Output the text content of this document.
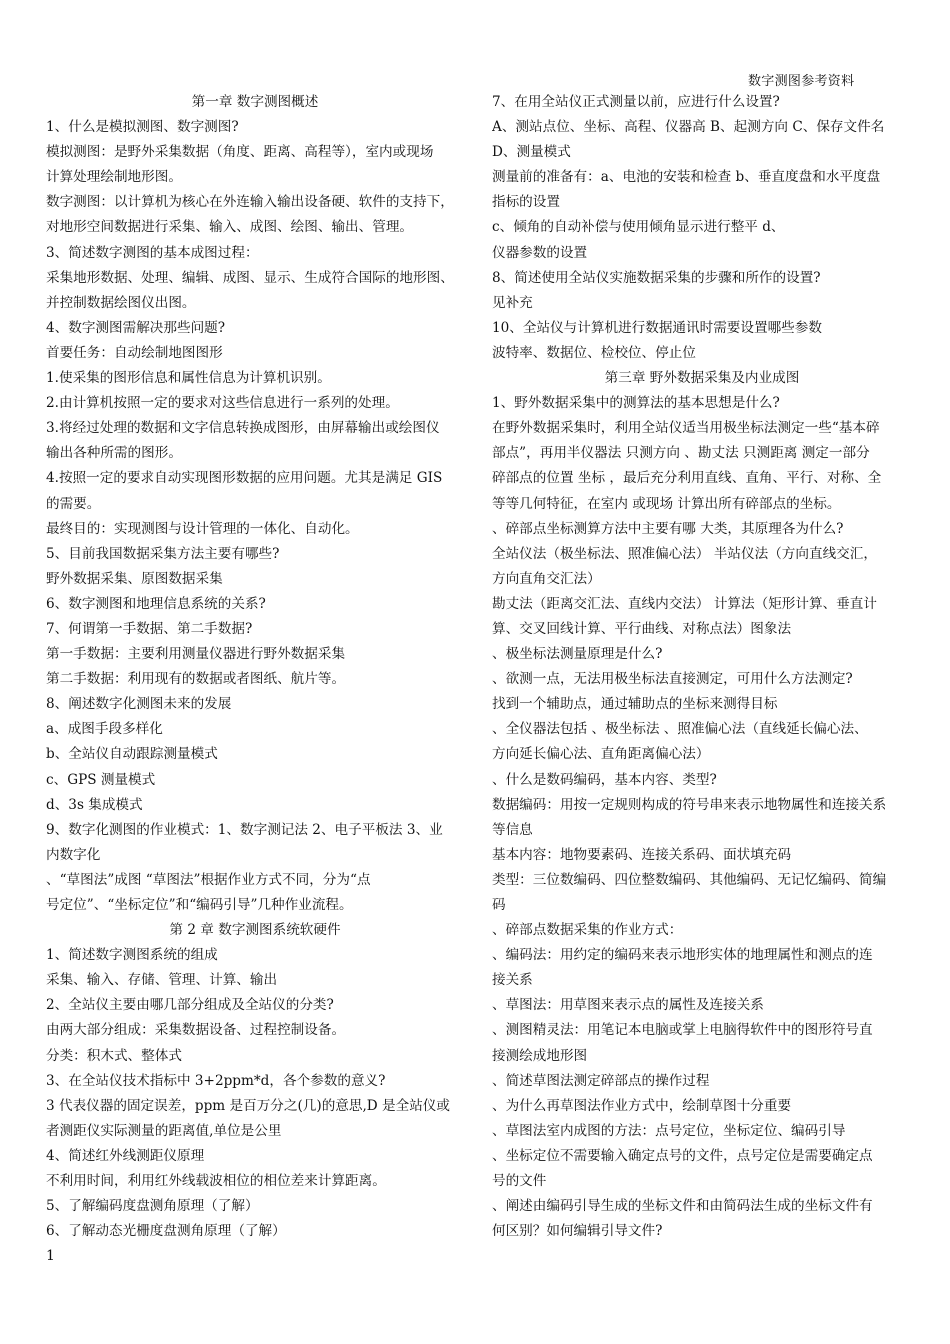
数字测图参考资料
第一章 数字测图概述
1、什么是模拟测图、数字测图?
模拟测图：是野外采集数据（角度、距离、高程等），室内或现场
计算处理绘制地形图。
数字测图：以计算机为核心在外连输入输出设备硬、软件的支持下，
对地形空间数据进行采集、输入、成图、绘图、输出、管理。
3、简述数字测图的基本成图过程：
采集地形数据、处理、编辑、成图、显示、生成符合国际的地形图、
并控制数据绘图仪出图。
4、数字测图需解决那些问题?
首要任务：自动绘制地图图形
1.使采集的图形信息和属性信息为计算机识别。
2.由计算机按照一定的要求对这些信息进行一系列的处理。
3.将经过处理的数据和文字信息转换成图形，由屏幕输出或绘图仪
输出各种所需的图形。
4.按照一定的要求自动实现图形数据的应用问题。尤其是满足 GIS
的需要。
最终目的：实现测图与设计管理的一体化、自动化。
5、目前我国数据采集方法主要有哪些?
野外数据采集、原图数据采集
6、数字测图和地理信息系统的关系?
7、何谓第一手数据、第二手数据?
第一手数据：主要利用测量仪器进行野外数据采集
第二手数据：利用现有的数据或者图纸、航片等。
8、阐述数字化测图未来的发展
a、成图手段多样化
b、全站仪自动跟踪测量模式
c、GPS 测量模式
d、3s 集成模式
9、数字化测图的作业模式：1、数字测记法 2、电子平板法 3、业
内数字化
、“草图法”成图 “草图法”根据作业方式不同，分为“点
号定位”、“坐标定位”和“编码引导”几种作业流程。
第 2 章 数字测图系统软硬件
1、简述数字测图系统的组成
采集、输入、存储、管理、计算、输出
2、全站仪主要由哪几部分组成及全站仪的分类?
由两大部分组成：采集数据设备、过程控制设备。
分类：积木式、整体式
3、在全站仪技术指标中 3+2ppm*d，各个参数的意义?
3 代表仪器的固定误差，ppm 是百万分之(几)的意思,D 是全站仪或
者测距仪实际测量的距离值,单位是公里
4、简述红外线测距仪原理
不利用时间，利用红外线载波相位的相位差来计算距离。
5、了解编码度盘测角原理（了解）
6、了解动态光栅度盘测角原理（了解）
7、在用全站仪正式测量以前，应进行什么设置?
A、测站点位、坐标、高程、仪器高 B、起测方向 C、保存文件名
D、测量模式
测量前的准备有：a、电池的安装和检查 b、垂直度盘和水平度盘
指标的设置
c、倾角的自动补偿与使用倾角显示进行整平 d、
仪器参数的设置
8、简述使用全站仪实施数据采集的步骤和所作的设置?
见补充
10、全站仪与计算机进行数据通讯时需要设置哪些参数
波特率、数据位、检校位、停止位
第三章 野外数据采集及内业成图
1、野外数据采集中的测算法的基本思想是什么?
在野外数据采集时，利用全站仪适当用极坐标法测定一些“基本碎
部点”，再用半仪器法 只测方向 、勘丈法 只测距离 测定一部分
碎部点的位置 坐标 ，最后充分利用直线、直角、平行、对称、全
等等几何特征，在室内 或现场 计算出所有碎部点的坐标。
、碎部点坐标测算方法中主要有哪 大类，其原理各为什么?
全站仪法（极坐标法、照准偏心法） 半站仪法（方向直线交汇，
方向直角交汇法）
勘丈法（距离交汇法、直线内交法） 计算法（矩形计算、垂直计
算、交叉回线计算、平行曲线、对称点法）图象法
、极坐标法测量原理是什么?
、欲测一点，无法用极坐标法直接测定，可用什么方法测定?
找到一个辅助点，通过辅助点的坐标来测得目标
、全仪器法包括 、极坐标法 、照准偏心法（直线延长偏心法、
方向延长偏心法、直角距离偏心法）
、什么是数码编码，基本内容、类型?
数据编码：用按一定规则构成的符号串来表示地物属性和连接关系
等信息
基本内容：地物要素码、连接关系码、面状填充码
类型：三位数编码、四位整数编码、其他编码、无记忆编码、简编
码
、碎部点数据采集的作业方式：
、编码法：用约定的编码来表示地形实体的地理属性和测点的连
接关系
、草图法：用草图来表示点的属性及连接关系
、测图精灵法：用笔记本电脑或掌上电脑得软件中的图形符号直
接测绘成地形图
、简述草图法测定碎部点的操作过程
、为什么再草图法作业方式中，绘制草图十分重要
、草图法室内成图的方法：点号定位，坐标定位、编码引导
、坐标定位不需要输入确定点号的文件，点号定位是需要确定点
号的文件
、阐述由编码引导生成的坐标文件和由简码法生成的坐标文件有
何区别？如何编辑引导文件?
1
